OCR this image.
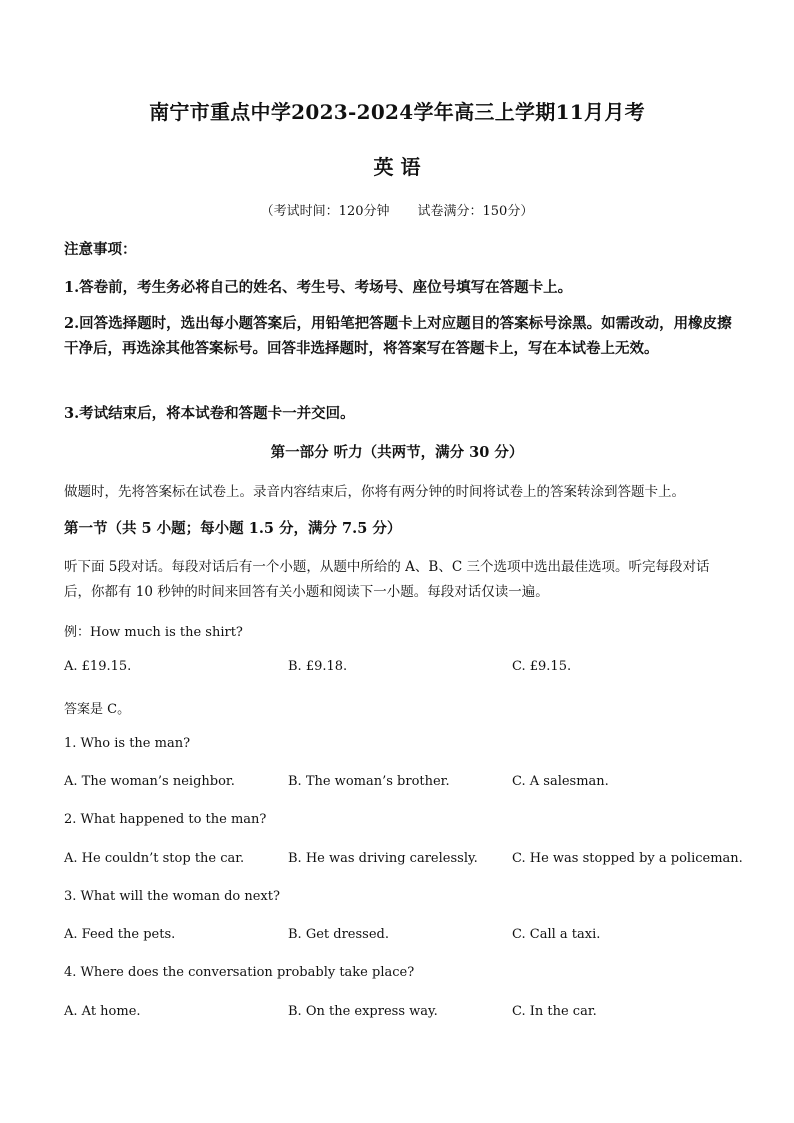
南宁市重点中学2023-2024学年高三上学期11月月考
英 语
（考试时间：120分钟 试卷满分：150分）
注意事项：
1.答卷前，考生务必将自己的姓名、考生号、考场号、座位号填写在答题卡上。
2.回答选择题时，选出每小题答案后，用铅笔把答题卡上对应题目的答案标号涂黑。如需改动，用橡皮擦干净后，再选涂其他答案标号。回答非选择题时，将答案写在答题卡上，写在本试卷上无效。
3.考试结束后，将本试卷和答题卡一并交回。
第一部分 听力（共两节，满分 30 分）
做题时，先将答案标在试卷上。录音内容结束后，你将有两分钟的时间将试卷上的答案转涂到答题卡上。
第一节（共 5 小题；每小题 1.5 分，满分 7.5 分）
听下面 5段对话。每段对话后有一个小题，从题中所给的 A、B、C 三个选项中选出最佳选项。听完每段对话后，你都有 10 秒钟的时间来回答有关小题和阅读下一小题。每段对话仅读一遍。
例：How much is the shirt?
A. £19.15.	B. £9.18.	C. £9.15.
答案是 C。
1. Who is the man?
A. The woman’s neighbor.	B. The woman’s brother.	C. A salesman.
2. What happened to the man?
A. He couldn’t stop the car.	B. He was driving carelessly.	C. He was stopped by a policeman.
3. What will the woman do next?
A. Feed the pets.	B. Get dressed.	C. Call a taxi.
4. Where does the conversation probably take place?
A. At home.	B. On the express way.	C. In the car.
